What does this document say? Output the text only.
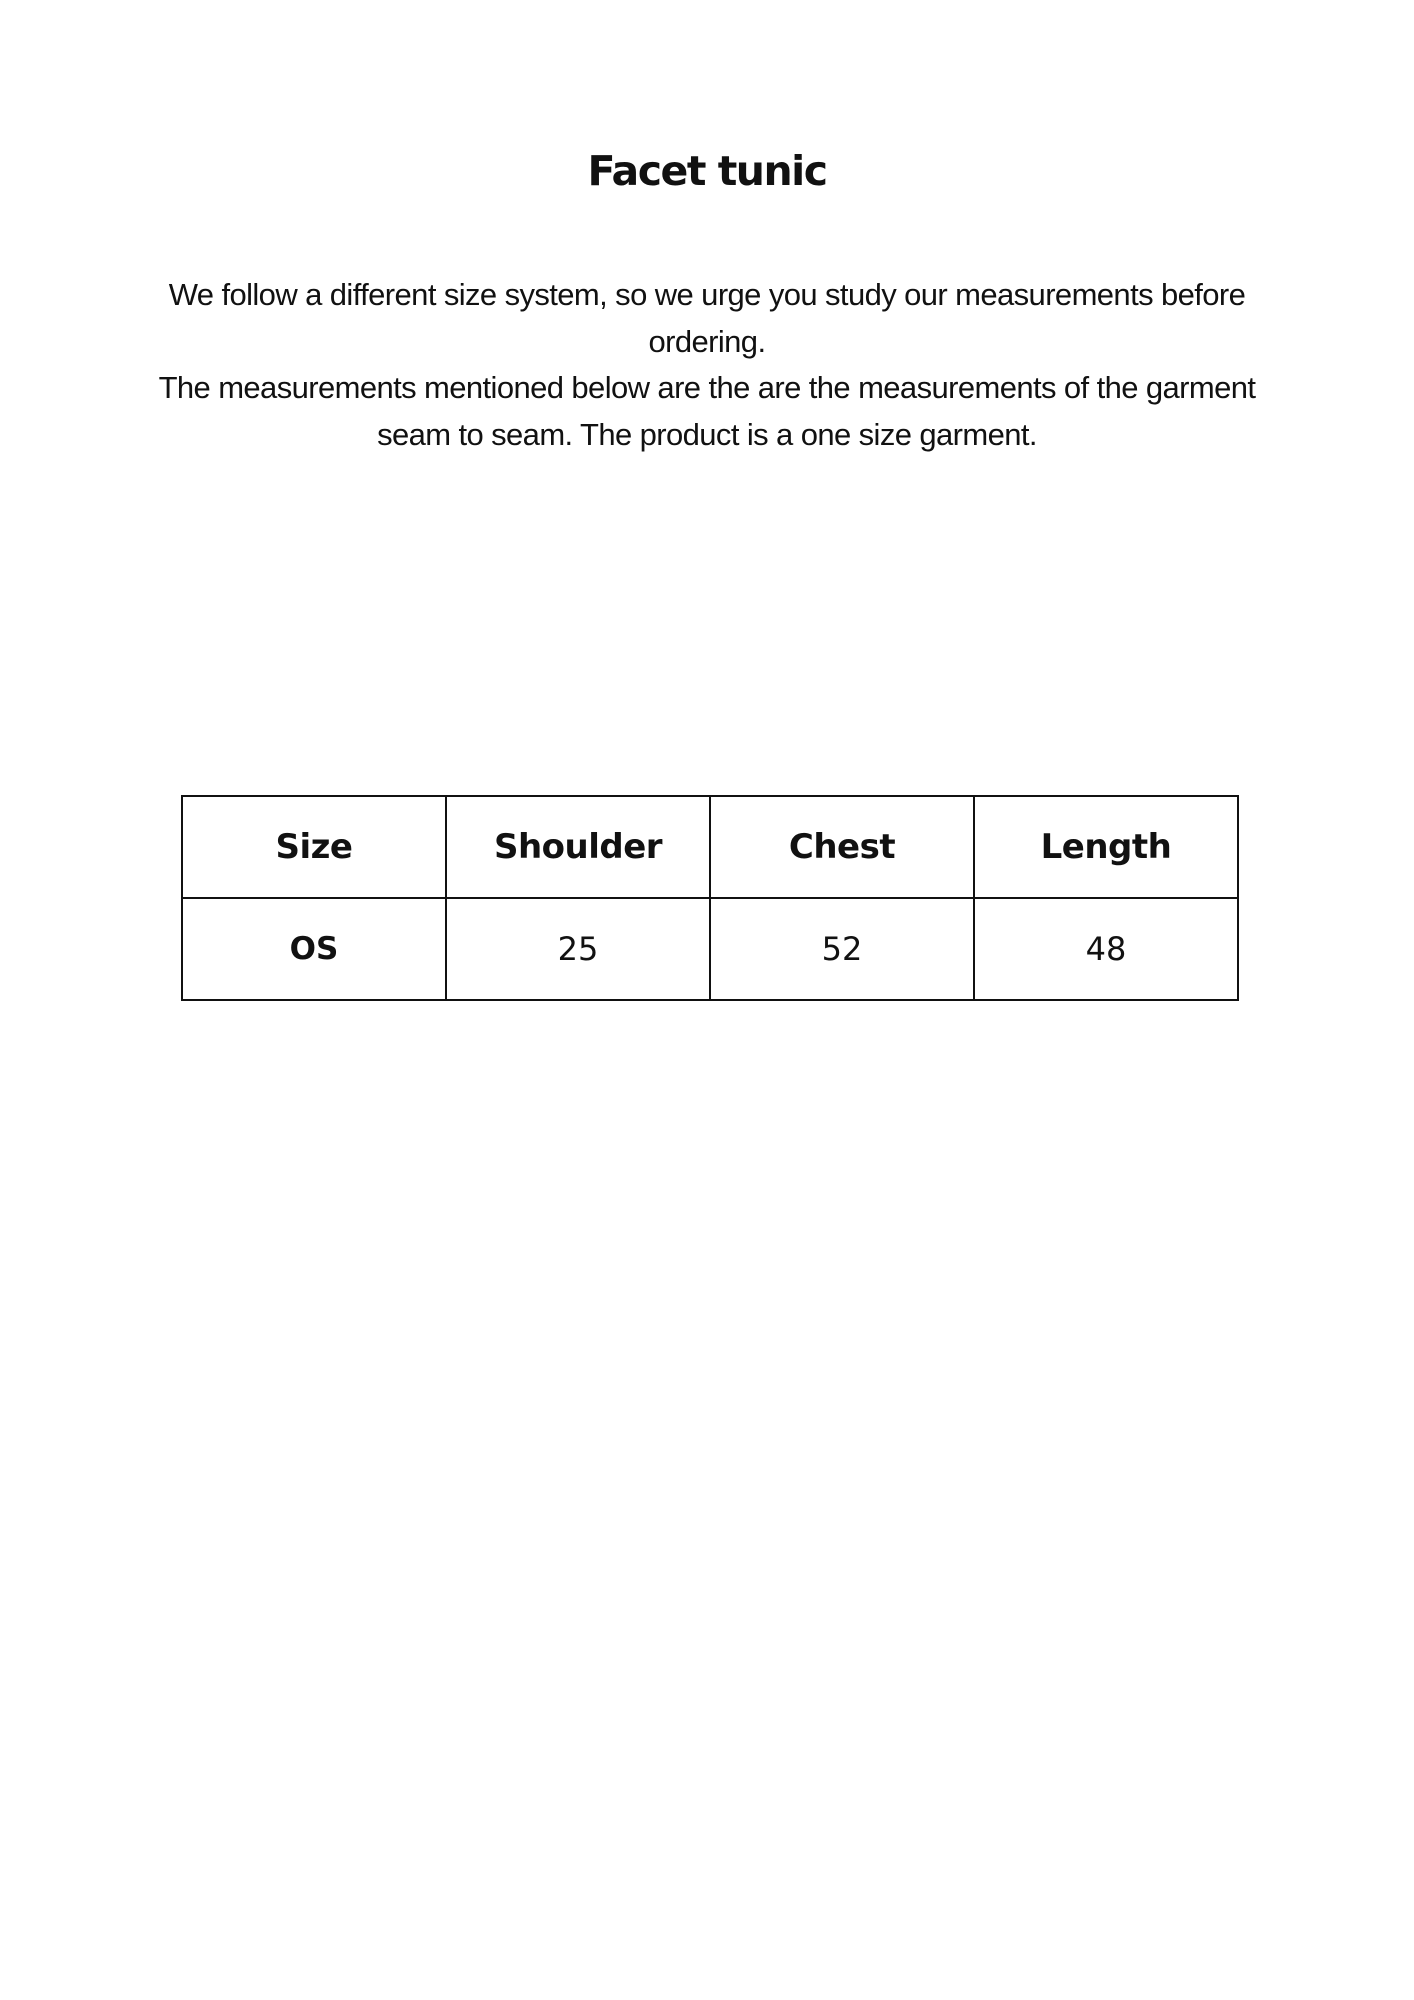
Facet tunic

We follow a different size system, so we urge you study our measurements before ordering.

The measurements mentioned below are the are the measurements of the garment seam to seam. The product is a one size garment.

Size	Shoulder	Chest	Length
OS	25	52	48
